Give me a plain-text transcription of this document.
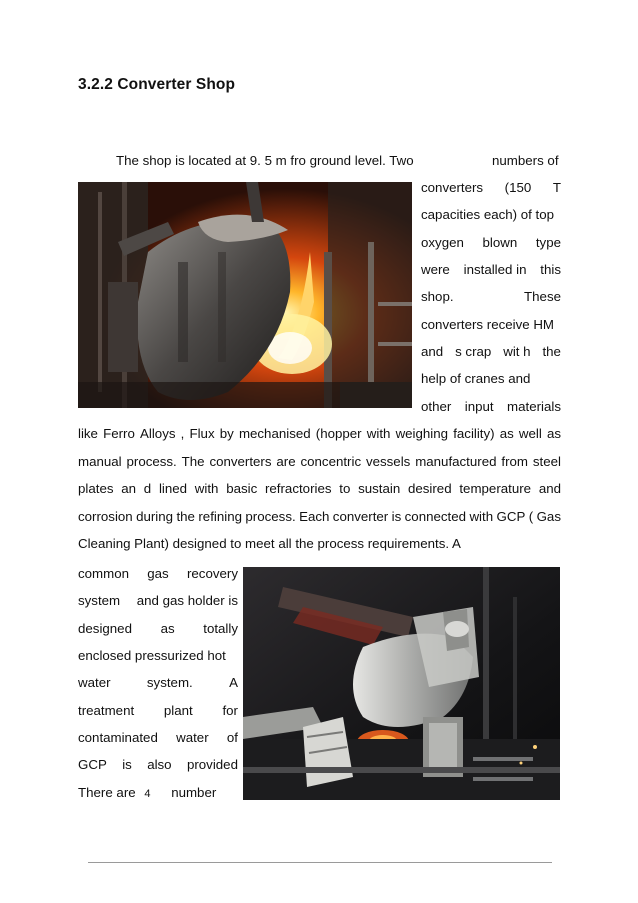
3.2.2 Converter Shop
The shop is located at 9. 5 m fro ground level. Two	numbers of
converters (150 T
capacities each) of top
oxygen blown type
were installed in this
shop.	These
converters receive HM
and s crap wit h the
help of cranes and
other input materials
like Ferro Alloys , Flux by mechanised (hopper with weighing facility) as well as
manual process. The converters are concentric vessels manufactured from steel
plates an d lined with basic refractories to sustain desired temperature and
corrosion during the refining process. Each converter is connected with GCP ( Gas
Cleaning Plant) designed to meet all the process requirements. A
common gas recovery
system and gas holder is
designed as totally
enclosed pressurized hot
water	system.	A
treatment plant for
contaminated water of
GCP is also provided
There are 4 number
